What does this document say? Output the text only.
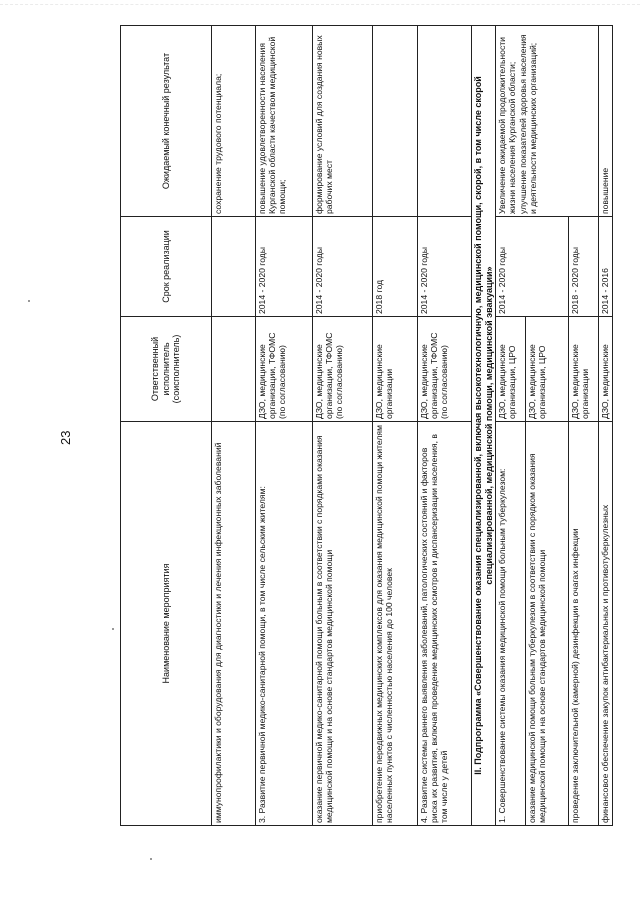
23
Наименование мероприятия	Ответственный исполнитель (соисполнитель)	Срок реализации	Ожидаемый конечный результат
иммунопрофилактики и оборудования для диагностики и лечения инфекционных заболеваний			сохранение трудового потенциала;
3. Развитие первичной медико-санитарной помощи, в том числе сельским жителям:	ДЗО, медицинские организации, ТФОМС (по согласованию)	2014 - 2020 годы	повышение удовлетворенности населения Курганской области качеством медицинской помощи;
оказание первичной медико-санитарной помощи больным в соответствии с порядками оказания медицинской помощи и на основе стандартов медицинской помощи	ДЗО, медицинские организации, ТФОМС (по согласованию)	2014 - 2020 годы	формирование условий для создания новых рабочих мест
приобретение передвижных медицинских комплексов для оказания медицинской помощи жителям населенных пунктов с численностью населения до 100 человек	ДЗО, медицинские организации	2018 год	
4. Развитие системы раннего выявления заболеваний, патологических состояний и факторов риска их развития, включая проведение медицинских осмотров и диспансеризации населения, в том числе у детей	ДЗО, медицинские организации, ТФОМС (по согласованию)	2014 - 2020 годы	
II. Подпрограмма «Совершенствование оказания специализированной, включая высокотехнологичную, медицинской помощи, скорой, в том числе скорой специализированной, медицинской помощи, медицинской эвакуации»			
1. Совершенствование системы оказания медицинской помощи больным туберкулезом:	ДЗО, медицинские организации, ЦРО	2014 - 2020 годы	Увеличение ожидаемой продолжительности жизни населения Курганской области; улучшение показателей здоровья населения и деятельности медицинских организаций;
оказание медицинской помощи больным туберкулезом в соответствии с порядком оказания медицинской помощи и на основе стандартов медицинской помощи	ДЗО, медицинские организации, ЦРО		
проведение заключительной (камерной) дезинфекции в очагах инфекции	ДЗО, медицинские организации	2018 - 2020 годы	
финансовое обеспечение закупок антибактериальных и противотуберкулезных	ДЗО, медицинские	2014 - 2016	повышение
